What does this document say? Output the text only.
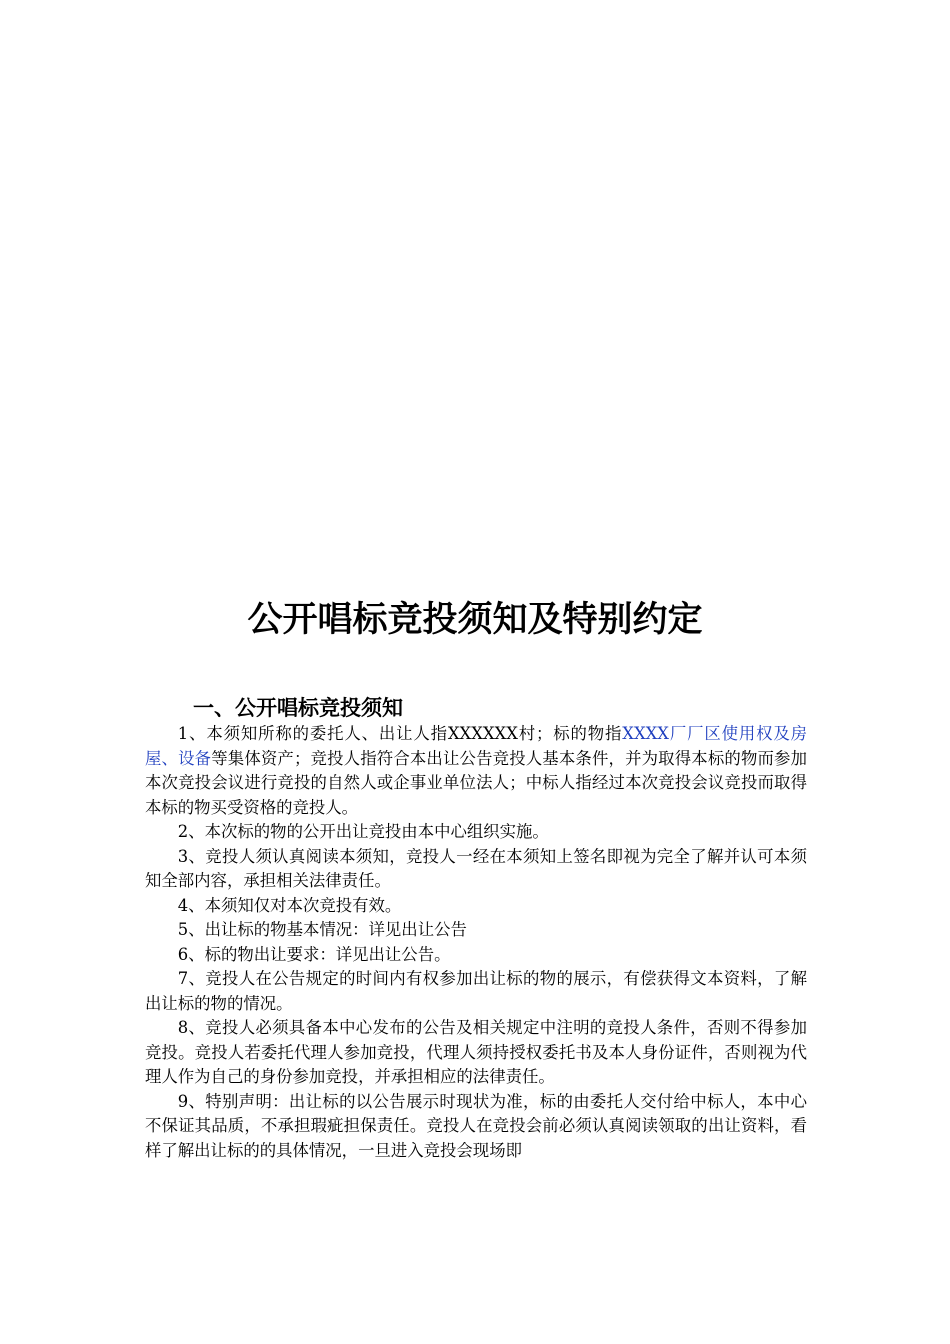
公开唱标竞投须知及特别约定
一、公开唱标竞投须知

1、本须知所称的委托人、出让人指XXXXXX村；标的物指XXXX厂厂区使用权及房屋、设备等集体资产；竞投人指符合本出让公告竞投人基本条件，并为取得本标的物而参加本次竞投会议进行竞投的自然人或企事业单位法人；中标人指经过本次竞投会议竞投而取得本标的物买受资格的竞投人。

2、本次标的物的公开出让竞投由本中心组织实施。

3、竞投人须认真阅读本须知，竞投人一经在本须知上签名即视为完全了解并认可本须知全部内容，承担相关法律责任。

4、本须知仅对本次竞投有效。

5、出让标的物基本情况：详见出让公告

6、标的物出让要求：详见出让公告。

7、竞投人在公告规定的时间内有权参加出让标的物的展示，有偿获得文本资料，了解出让标的物的情况。

8、竞投人必须具备本中心发布的公告及相关规定中注明的竞投人条件，否则不得参加竞投。竞投人若委托代理人参加竞投，代理人须持授权委托书及本人身份证件，否则视为代理人作为自己的身份参加竞投，并承担相应的法律责任。

9、特别声明：出让标的以公告展示时现状为准，标的由委托人交付给中标人，本中心不保证其品质，不承担瑕疵担保责任。竞投人在竞投会前必须认真阅读领取的出让资料，看样了解出让标的的具体情况，一旦进入竞投会现场即
